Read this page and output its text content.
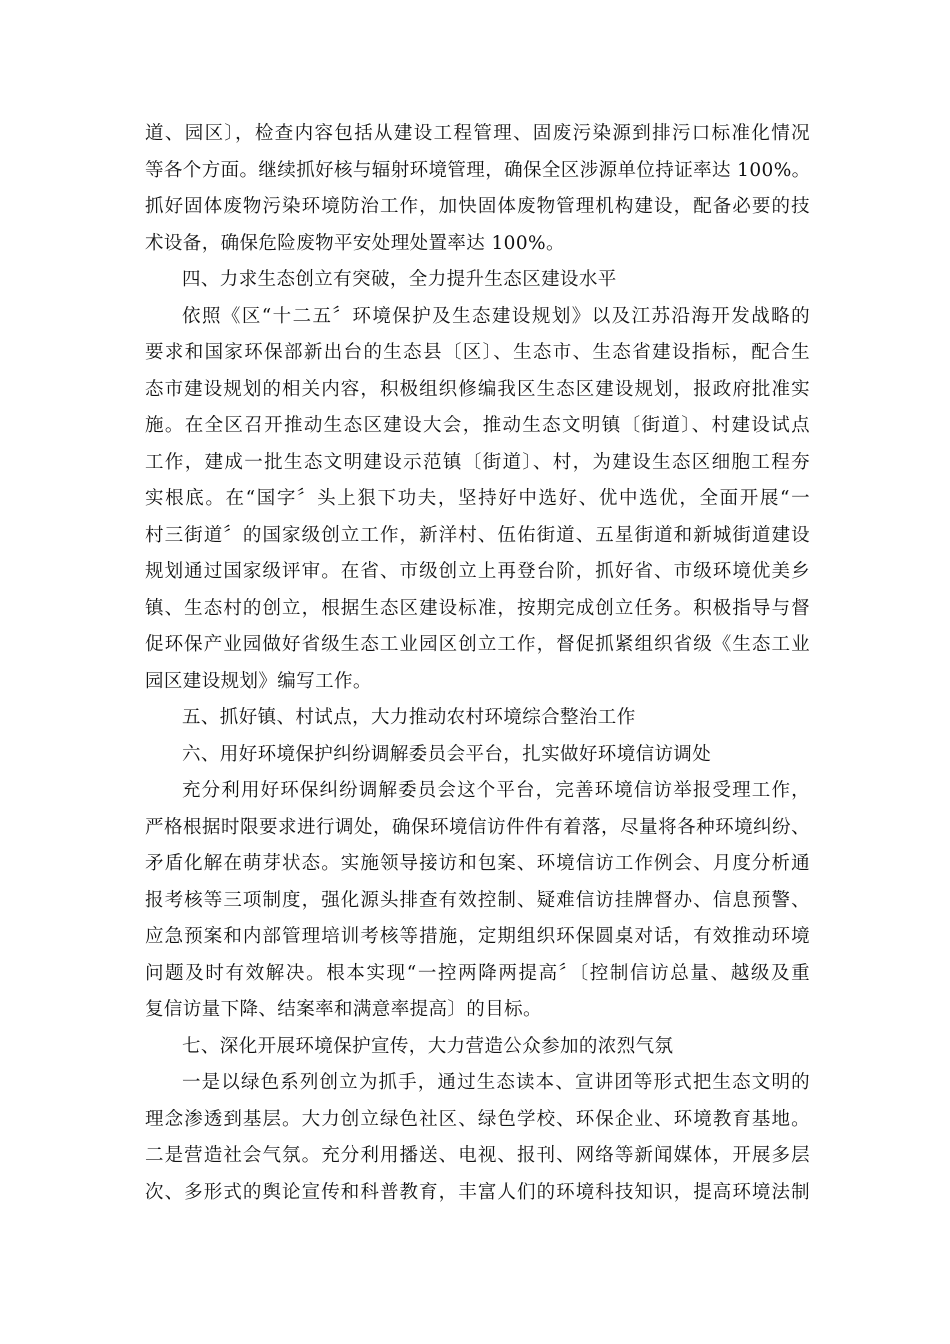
道、园区〕，检查内容包括从建设工程管理、固废污染源到排污口标准化情况

等各个方面。继续抓好核与辐射环境管理，确保全区涉源单位持证率达 100%。

抓好固体废物污染环境防治工作，加快固体废物管理机构建设，配备必要的技

术设备，确保危险废物平安处理处置率达 100%。

四、力求生态创立有突破，全力提升生态区建设水平

依照《区“十二五〞环境保护及生态建设规划》以及江苏沿海开发战略的

要求和国家环保部新出台的生态县〔区〕、生态市、生态省建设指标，配合生

态市建设规划的相关内容，积极组织修编我区生态区建设规划，报政府批准实

施。在全区召开推动生态区建设大会，推动生态文明镇〔街道〕、村建设试点

工作，建成一批生态文明建设示范镇〔街道〕、村，为建设生态区细胞工程夯

实根底。在“国字〞头上狠下功夫，坚持好中选好、优中选优，全面开展“一

村三街道〞的国家级创立工作，新洋村、伍佑街道、五星街道和新城街道建设

规划通过国家级评审。在省、市级创立上再登台阶，抓好省、市级环境优美乡

镇、生态村的创立，根据生态区建设标准，按期完成创立任务。积极指导与督

促环保产业园做好省级生态工业园区创立工作，督促抓紧组织省级《生态工业

园区建设规划》编写工作。

五、抓好镇、村试点，大力推动农村环境综合整治工作

六、用好环境保护纠纷调解委员会平台，扎实做好环境信访调处

充分利用好环保纠纷调解委员会这个平台，完善环境信访举报受理工作，

严格根据时限要求进行调处，确保环境信访件件有着落，尽量将各种环境纠纷、

矛盾化解在萌芽状态。实施领导接访和包案、环境信访工作例会、月度分析通

报考核等三项制度，强化源头排查有效控制、疑难信访挂牌督办、信息预警、

应急预案和内部管理培训考核等措施，定期组织环保圆桌对话，有效推动环境

问题及时有效解决。根本实现“一控两降两提高〞〔控制信访总量、越级及重

复信访量下降、结案率和满意率提高〕的目标。

七、深化开展环境保护宣传，大力营造公众参加的浓烈气氛

一是以绿色系列创立为抓手，通过生态读本、宣讲团等形式把生态文明的

理念渗透到基层。大力创立绿色社区、绿色学校、环保企业、环境教育基地。

二是营造社会气氛。充分利用播送、电视、报刊、网络等新闻媒体，开展多层

次、多形式的舆论宣传和科普教育，丰富人们的环境科技知识，提高环境法制
